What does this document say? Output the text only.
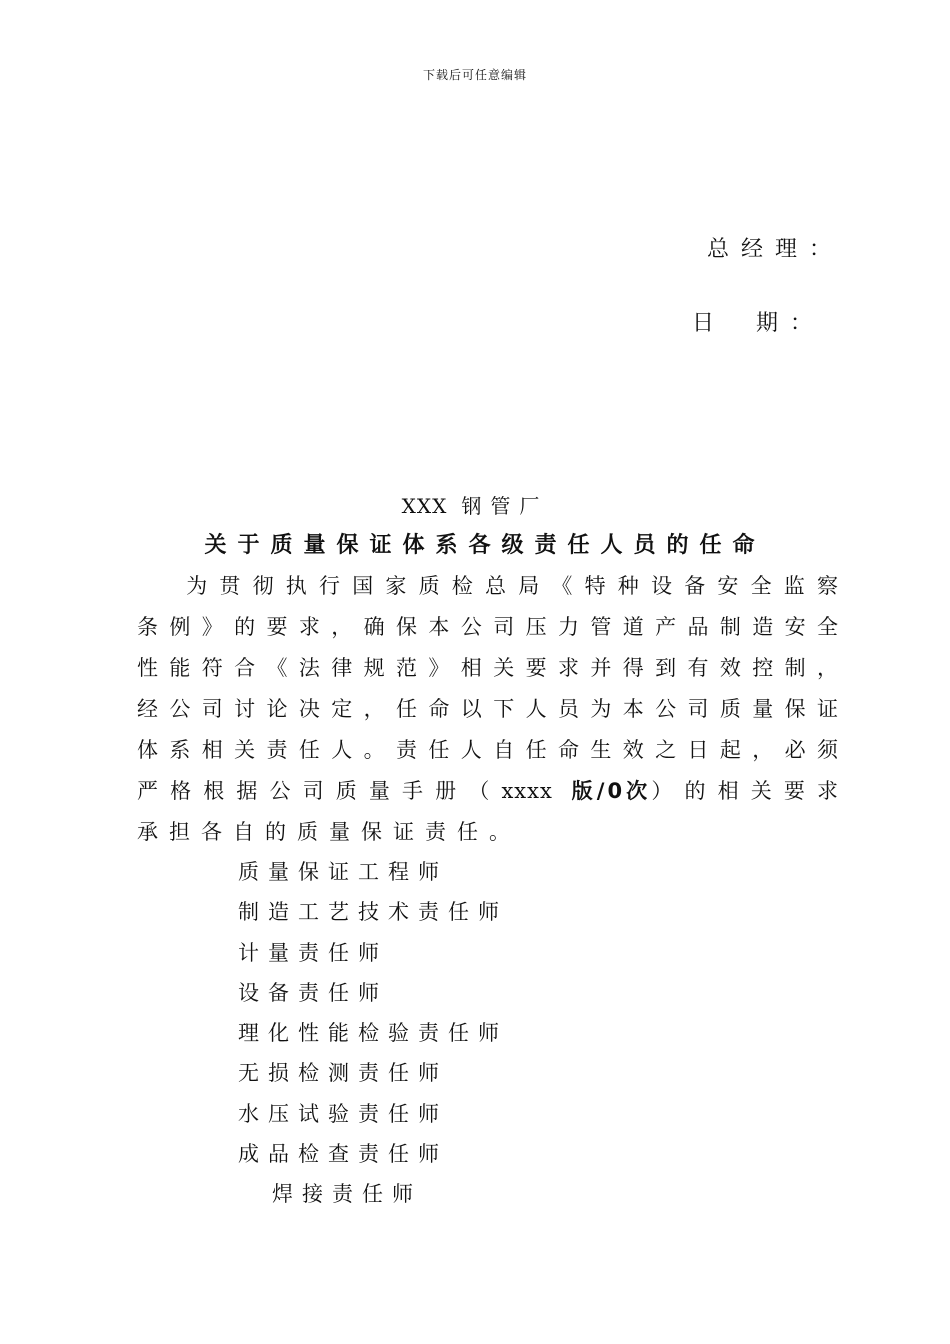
下载后可任意编辑
总经理：
日 期：
XXX 钢管厂
关于质量保证体系各级责任人员的任命
为贯彻执行国家质检总局《特种设备安全监察条例》的要求，确保本公司压力管道产品制造安全性能符合《法律规范》相关要求并得到有效控制，经公司讨论决定，任命以下人员为本公司质量保证体系相关责任人。责任人自任命生效之日起，必须严格根据公司质量手册（xxxx 版/0次）的相关要求承担各自的质量保证责任。
质量保证工程师
制造工艺技术责任师
计量责任师
设备责任师
理化性能检验责任师
无损检测责任师
水压试验责任师
成品检查责任师
焊接责任师
